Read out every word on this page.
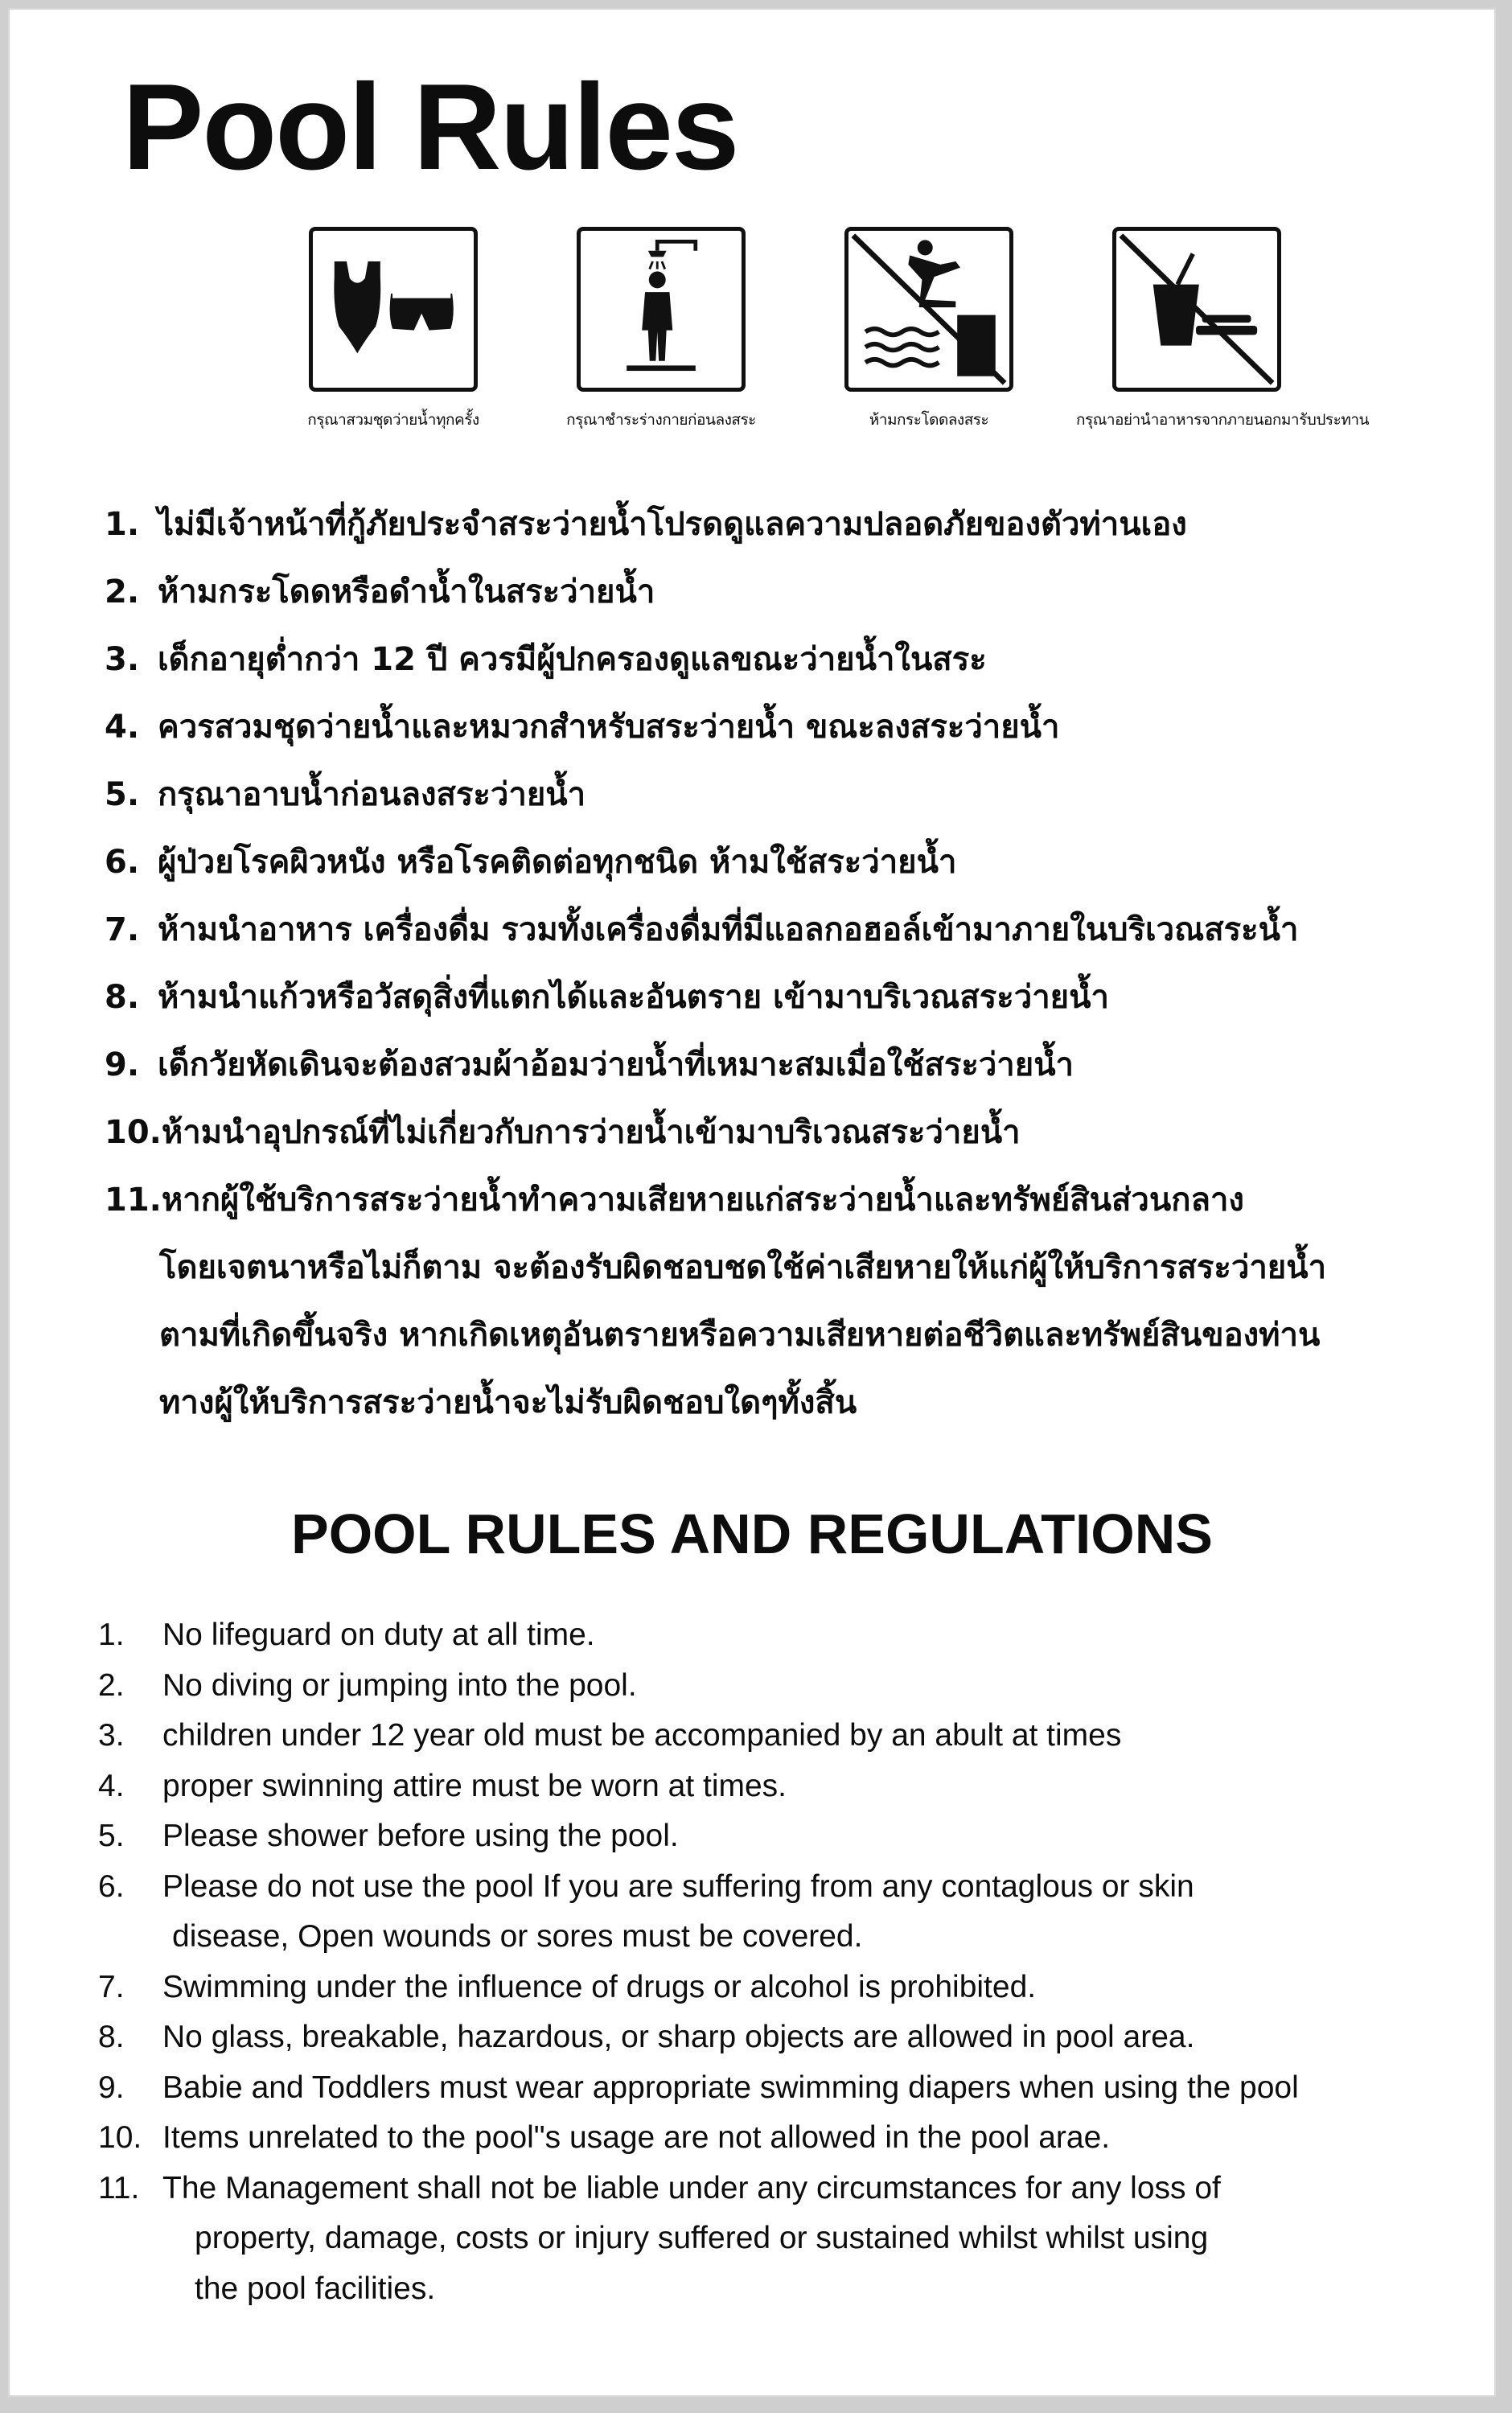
Pool Rules
กรุณาสวมชุดว่ายน้ำทุกครั้ง	กรุณาชำระร่างกายก่อนลงสระ	ห้ามกระโดดลงสระ	กรุณาอย่านำอาหารจากภายนอกมารับประทาน
1. ไม่มีเจ้าหน้าที่กู้ภัยประจำสระว่ายน้ำโปรดดูแลความปลอดภัยของตัวท่านเอง
2. ห้ามกระโดดหรือดำน้ำในสระว่ายน้ำ
3. เด็กอายุต่ำกว่า 12 ปี ควรมีผู้ปกครองดูแลขณะว่ายน้ำในสระ
4. ควรสวมชุดว่ายน้ำและหมวกสำหรับสระว่ายน้ำ ขณะลงสระว่ายน้ำ
5. กรุณาอาบน้ำก่อนลงสระว่ายน้ำ
6. ผู้ป่วยโรคผิวหนัง หรือโรคติดต่อทุกชนิด ห้ามใช้สระว่ายน้ำ
7. ห้ามนำอาหาร เครื่องดื่ม รวมทั้งเครื่องดื่มที่มีแอลกอฮอล์เข้ามาภายในบริเวณสระน้ำ
8. ห้ามนำแก้วหรือวัสดุสิ่งที่แตกได้และอันตราย เข้ามาบริเวณสระว่ายน้ำ
9. เด็กวัยหัดเดินจะต้องสวมผ้าอ้อมว่ายน้ำที่เหมาะสมเมื่อใช้สระว่ายน้ำ
10.ห้ามนำอุปกรณ์ที่ไม่เกี่ยวกับการว่ายน้ำเข้ามาบริเวณสระว่ายน้ำ
11.หากผู้ใช้บริการสระว่ายน้ำทำความเสียหายแก่สระว่ายน้ำและทรัพย์สินส่วนกลาง
โดยเจตนาหรือไม่ก็ตาม จะต้องรับผิดชอบชดใช้ค่าเสียหายให้แก่ผู้ให้บริการสระว่ายน้ำ
ตามที่เกิดขึ้นจริง หากเกิดเหตุอันตรายหรือความเสียหายต่อชีวิตและทรัพย์สินของท่าน
ทางผู้ให้บริการสระว่ายน้ำจะไม่รับผิดชอบใดๆทั้งสิ้น
POOL RULES AND REGULATIONS
1. No lifeguard on duty at all time.
2. No diving or jumping into the pool.
3. children under 12 year old must be accompanied by an abult at times
4. proper swinning attire must be worn at times.
5. Please shower before using the pool.
6. Please do not use the pool If you are suffering from any contaglous or skin
disease, Open wounds or sores must be covered.
7. Swimming under the influence of drugs or alcohol is prohibited.
8. No glass, breakable, hazardous, or sharp objects are allowed in pool area.
9. Babie and Toddlers must wear appropriate swimming diapers when using the pool
10. Items unrelated to the pool"s usage are not allowed in the pool arae.
11. The Management shall not be liable under any circumstances for any loss of
property, damage, costs or injury suffered or sustained whilst whilst using
the pool facilities.
